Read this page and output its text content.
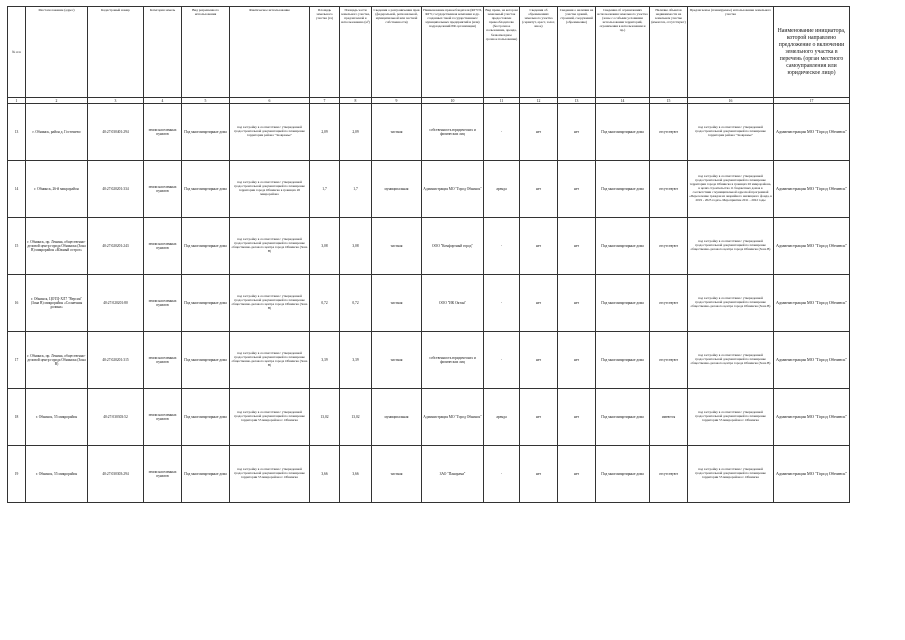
№ п/п	Местоположение (адрес)	Кадастровый номер	Категория земель	Вид разрешенного использования	Фактическое использование	Площадь земельного участка (га)	Площадь части земельного участка, предлагаемой к использованию (м²)	Сведения о разграничении прав (федеральной, региональной, муниципальной или частной собственности)	Наименование правообладателя (ФГУП, ФГУ, государственная компания и др. созданных такой государственных/муниципальных предприятий и (или) подразделений РФ организации)	Вид права, на котором земельный участок предоставлен правообладателю (бессрочное пользование, аренда, безвозмездное срочное пользование)	Сведения об обременениях земельного участка (сервитут, арест, залог, иное)	Сведения о наличии на участке зданий, строений, сооружений (обременение)	Сведения об ограничениях использования земельного участка (зоны с особыми условиями использования территорий, ограничения в использовании и пр.)	Наличие объектов недвижимости на земельном участке (имеются, отсутствуют)	Предлагаемое (планируемое) использование земельного участка	Наименование инициатора, которой направлено предложение о включении земельного участка в перечень (орган местного самоуправления или юридическое лицо)
1	2	3	4	5	6	7	8	9	10	11	12	13	14	15	16	17
13	г. Обнинск, район д. Гостешево	40:27:030401:294	земли населенных пунктов	Под многоквартирные дома	под застройку в соответствии с утвержденной градостроительной документацией по планировке территории района "Заовражье"	2,09	2,09	частная	собственность юридических и физических лиц	-	нет	нет	Под многоквартирные дома	отсутствуют	под застройку в соответствии с утвержденной градостроительной документацией по планировке территории района "Заовражье"	Администрация МО "Город Обнинск"
14	г. Обнинск, 26-й микрорайон	40:27:020201:334	земли населенных пунктов	Под многоквартирные дома	под застройку в соответствии с утвержденной градостроительной документацией по планировке территории города Обнинска в границах 26 микрорайона	1,7	1,7	муниципальная	Администрация МО "Город Обнинск"	аренда	нет	нет	Под многоквартирные дома	отсутствуют	под застройку в соответствии с утвержденной градостроительной документацией по планировке территории города Обнинска в границах 26 микрорайона, в целях строительства 11 бюджетных домов в соответствии с муниципальной адресной программой «Переселение граждан из аварийного жилищного фонда, в 2019 - 2025 годах» Мероприятие 2011 - 2022 годы	Администрация МО "Город Обнинск"
15	г. Обнинск, пр. Ленина, общественно-деловой центр города Обнинска (Зона В) микрорайон «Южный острог»	40:27:020201:243	земли населенных пунктов	Под многоквартирные дома	под застройку в соответствии с утвержденной градостроительной документацией по планировке общественно-делового центра города Обнинска (Зона В)	3,08	3,08	частная	ООО "Комфортный город"	-	нет	нет	Под многоквартирные дома	отсутствуют	под застройку в соответствии с утвержденной градостроительной документацией по планировке общественно-делового центра города Обнинска (Зона В)	Администрация МО "Город Обнинск"
16	г. Обнинск, ЦОТЦ-ХЛ7 "Версия" (Зона В) микрорайон «Солнечная долина»	40:27:020201:80	земли населенных пунктов	Под многоквартирные дома	под застройку в соответствии с утвержденной градостроительной документацией по планировке общественно-делового центра города Обнинска (Зона В)	0,72	0,72	частная	ООО "ИК Октан"	-	нет	нет	Под многоквартирные дома	отсутствуют	под застройку в соответствии с утвержденной градостроительной документацией по планировке общественно-делового центра города Обнинска (Зона В)	Администрация МО "Город Обнинск"
17	г. Обнинск, пр. Ленина, общественно-деловой центр города Обнинска (Зона В)	40:27:020201:315	земли населенных пунктов	Под многоквартирные дома	под застройку в соответствии с утвержденной градостроительной документацией по планировке общественно-делового центра города Обнинска (Зона В)	3,39	3,39	частная	собственность юридических и физических лиц	-	нет	нет	Под многоквартирные дома	отсутствуют	под застройку в соответствии с утвержденной градостроительной документацией по планировке общественно-делового центра города Обнинска (Зона В)	Администрация МО "Город Обнинск"
18	г. Обнинск, 55 микрорайон	40:27:030303:52	земли населенных пунктов	Под многоквартирные дома	под застройку в соответствии с утвержденной градостроительной документацией по планировке территории 55 микрорайона г. Обнинска	13,02	13,02	муниципальная	Администрация МО "Город Обнинск"	аренда	нет	нет	Под многоквартирные дома	имеются	под застройку в соответствии с утвержденной градостроительной документацией по планировке территории 55 микрорайона г. Обнинска	Администрация МО "Город Обнинск"
19	г. Обнинск, 55 микрорайон	40:27:030303:294	земли населенных пунктов	Под многоквартирные дома	под застройку в соответствии с утвержденной градостроительной документацией по планировке территории 55 микрорайона г. Обнинска	3,66	3,66	частная	ЗАО "Панорама"	-	нет	нет	Под многоквартирные дома	отсутствуют	под застройку в соответствии с утвержденной градостроительной документацией по планировке территории 55 микрорайона г. Обнинска	Администрация МО "Город Обнинск"
